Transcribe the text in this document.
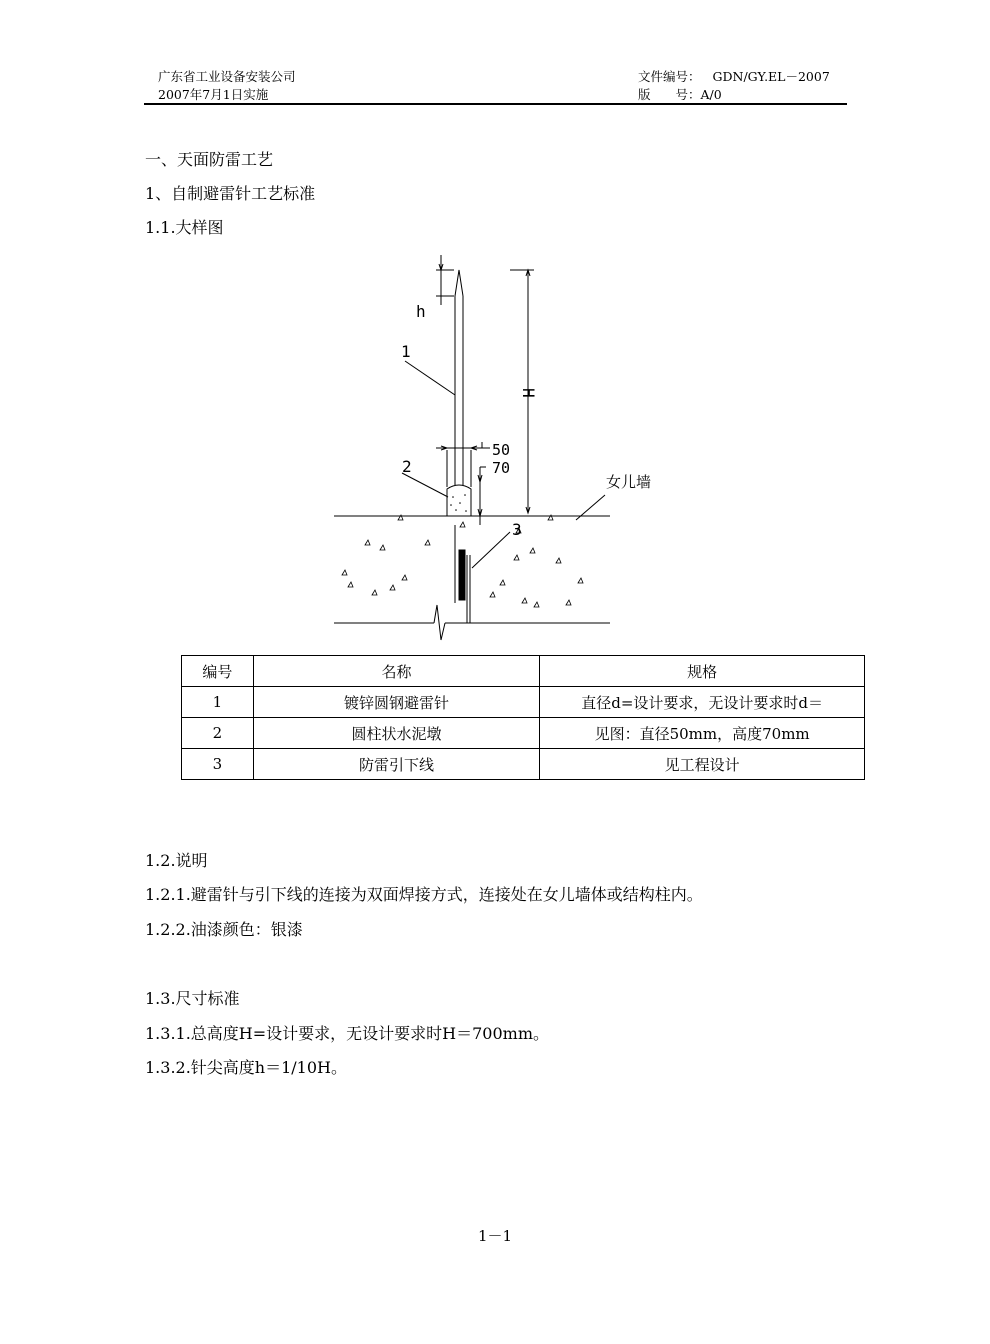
广东省工业设备安装公司
2007年7月1日实施
文件编号： GDN/GY.EL－2007
版　　号：A/0
一、天面防雷工艺
1、自制避雷针工艺标准
1.1.大样图
h
H
1
2
3
50
70
女儿墙
编号	名称	规格
1	镀锌圆钢避雷针	直径d=设计要求，无设计要求时d＝
2	圆柱状水泥墩	见图：直径50mm，高度70mm
3	防雷引下线	见工程设计
1.2.说明
1.2.1.避雷针与引下线的连接为双面焊接方式，连接处在女儿墙体或结构柱内。
1.2.2.油漆颜色：银漆
1.3.尺寸标准
1.3.1.总高度H=设计要求，无设计要求时H＝700mm。
1.3.2.针尖高度h＝1/10H。
1－1
